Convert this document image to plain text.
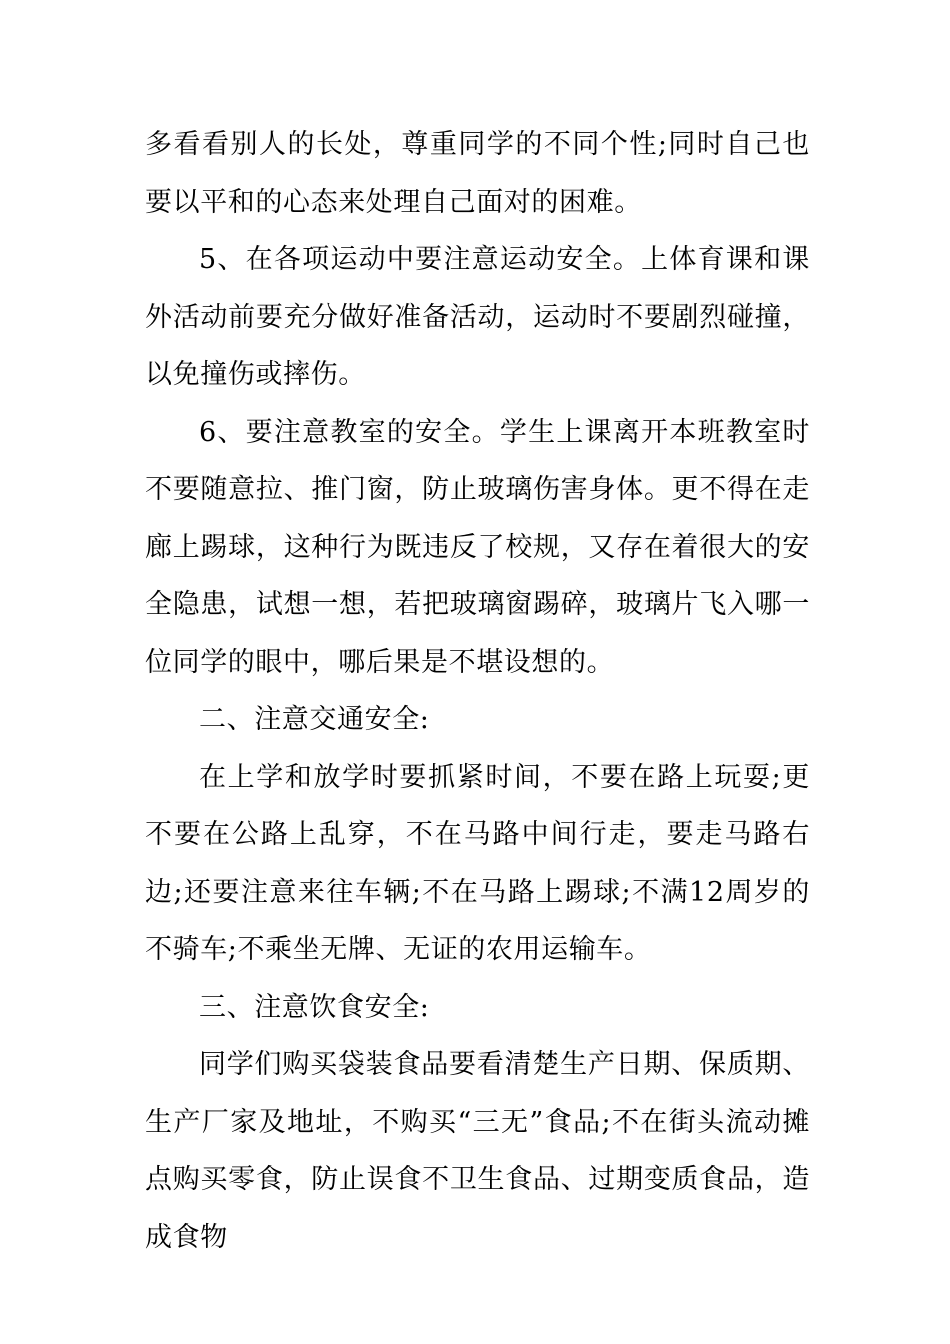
多看看别人的长处，尊重同学的不同个性;同时自己也要以平和的心态来处理自己面对的困难。

5、在各项运动中要注意运动安全。上体育课和课外活动前要充分做好准备活动，运动时不要剧烈碰撞，以免撞伤或摔伤。

6、要注意教室的安全。学生上课离开本班教室时不要随意拉、推门窗，防止玻璃伤害身体。更不得在走廊上踢球，这种行为既违反了校规，又存在着很大的安全隐患，试想一想，若把玻璃窗踢碎，玻璃片飞入哪一位同学的眼中，哪后果是不堪设想的。

二、注意交通安全:

在上学和放学时要抓紧时间，不要在路上玩耍;更不要在公路上乱穿，不在马路中间行走，要走马路右边;还要注意来往车辆;不在马路上踢球;不满12周岁的不骑车;不乘坐无牌、无证的农用运输车。

三、注意饮食安全:

同学们购买袋装食品要看清楚生产日期、保质期、生产厂家及地址，不购买“三无”食品;不在街头流动摊点购买零食，防止误食不卫生食品、过期变质食品，造成食物
